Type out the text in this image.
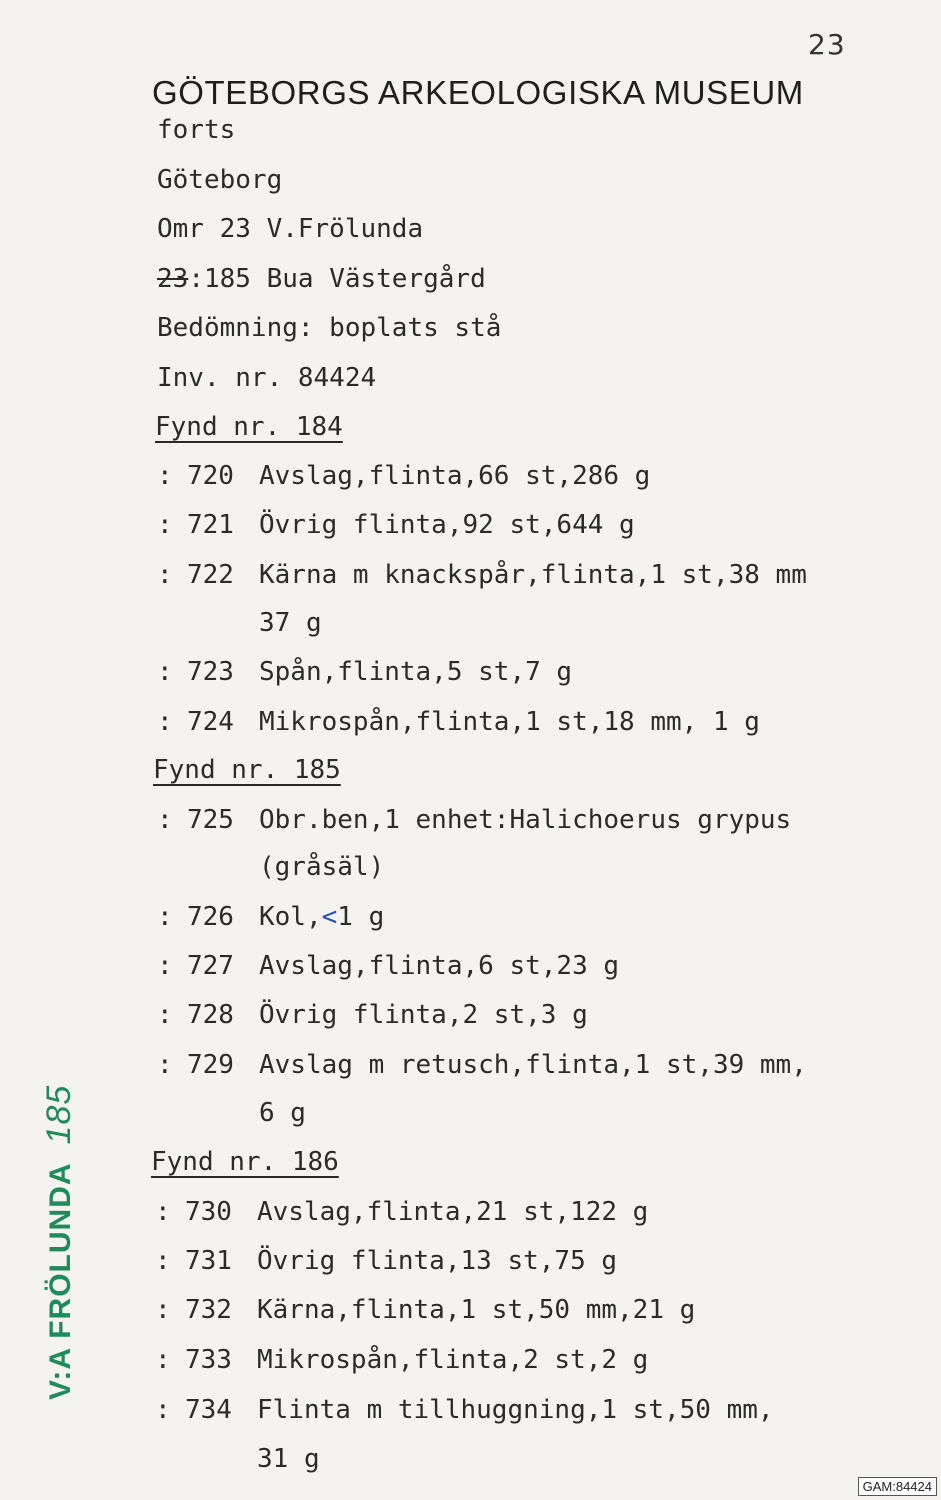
23
GÖTEBORGS ARKEOLOGISKA MUSEUM
forts
Göteborg
Omr 23 V.Frölunda
23:185 Bua Västergård
Bedömning: boplats stå
Inv. nr. 84424
Fynd nr. 184
: 720 Avslag,flinta,66 st,286 g
: 721 Övrig flinta,92 st,644 g
: 722 Kärna m knackspår,flinta,1 st,38 mm
37 g
: 723 Spån,flinta,5 st,7 g
: 724 Mikrospån,flinta,1 st,18 mm, 1 g
Fynd nr. 185
: 725 Obr.ben,1 enhet:Halichoerus grypus
(gråsäl)
: 726 Kol,<1 g
: 727 Avslag,flinta,6 st,23 g
: 728 Övrig flinta,2 st,3 g
: 729 Avslag m retusch,flinta,1 st,39 mm,
6 g
Fynd nr. 186
: 730 Avslag,flinta,21 st,122 g
: 731 Övrig flinta,13 st,75 g
: 732 Kärna,flinta,1 st,50 mm,21 g
: 733 Mikrospån,flinta,2 st,2 g
: 734 Flinta m tillhuggning,1 st,50 mm,
31 g
V:A FRÖLUNDA185
GAM:84424
